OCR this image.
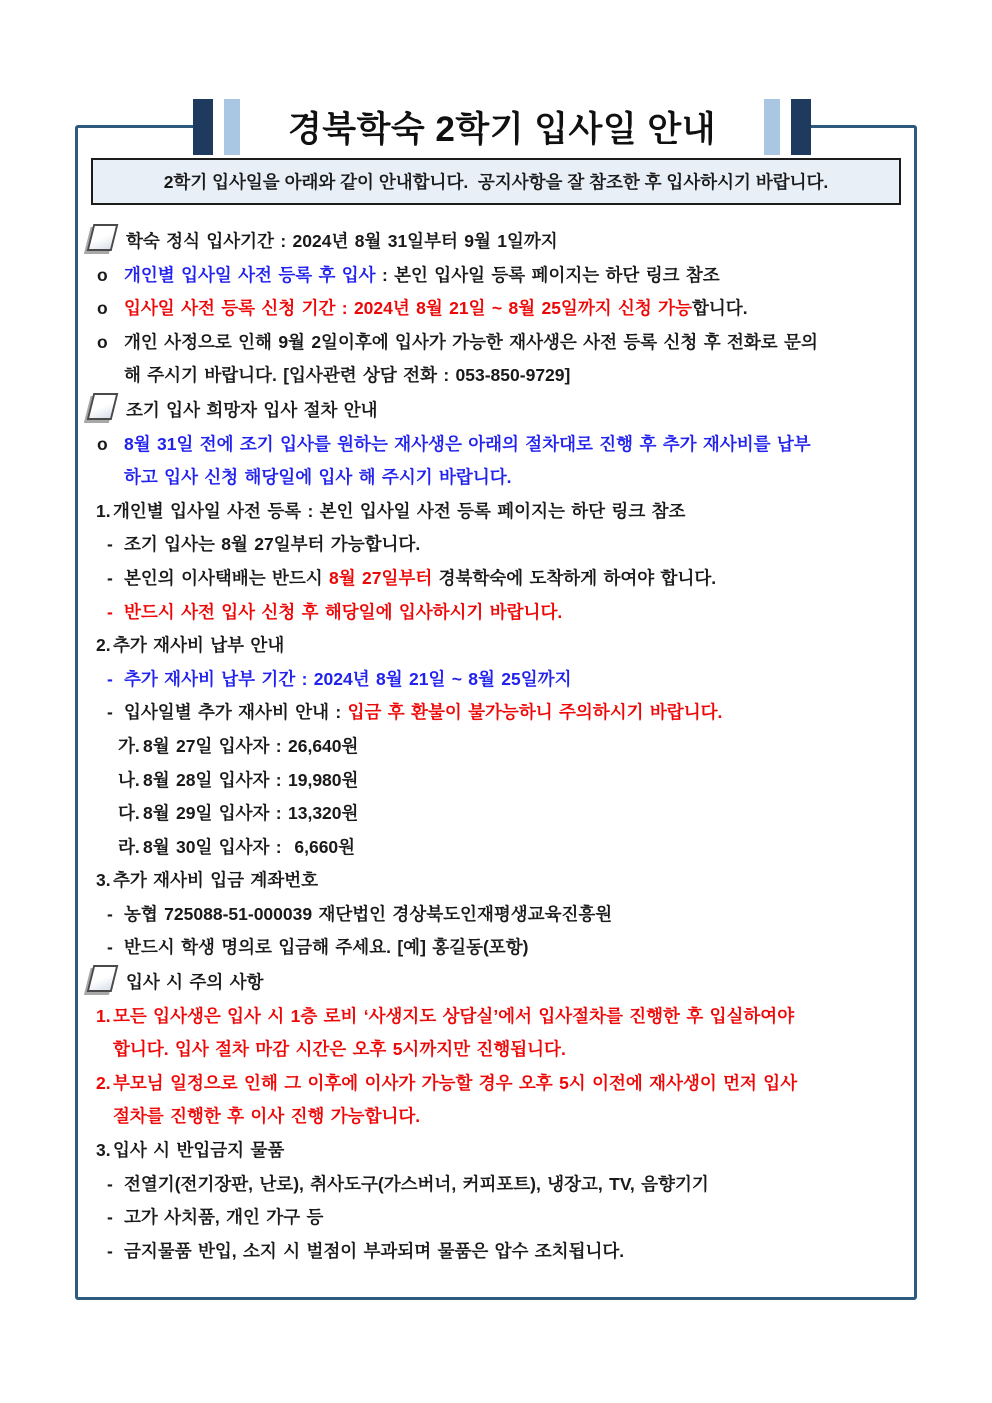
2학기 입사일을 아래와 같이 안내합니다.  공지사항을 잘 참조한 후 입사하시기 바랍니다.
학숙 정식 입사기간 : 2024년 8월 31일부터 9월 1일까지
o 개인별 입사일 사전 등록 후 입사 : 본인 입사일 등록 페이지는 하단 링크 참조
o 입사일 사전 등록 신청 기간 : 2024년 8월 21일 ~ 8월 25일까지 신청 가능합니다.
o 개인 사정으로 인해 9월 2일이후에 입사가 가능한 재사생은 사전 등록 신청 후 전화로 문의
해 주시기 바랍니다. [입사관련 상담 전화 : 053-850-9729]
조기 입사 희망자 입사 절차 안내
o 8월 31일 전에 조기 입사를 원하는 재사생은 아래의 절차대로 진행 후 추가 재사비를 납부
하고 입사 신청 해당일에 입사 해 주시기 바랍니다.
1. 개인별 입사일 사전 등록 : 본인 입사일 사전 등록 페이지는 하단 링크 참조
- 조기 입사는 8월 27일부터 가능합니다.
- 본인의 이사택배는 반드시 8월 27일부터 경북학숙에 도착하게 하여야 합니다.
- 반드시 사전 입사 신청 후 해당일에 입사하시기 바랍니다.
2. 추가 재사비 납부 안내
- 추가 재사비 납부 기간 : 2024년 8월 21일 ~ 8월 25일까지
- 입사일별 추가 재사비 안내 : 입금 후 환불이 불가능하니 주의하시기 바랍니다.
가. 8월 27일 입사자 : 26,640원
나. 8월 28일 입사자 : 19,980원
다. 8월 29일 입사자 : 13,320원
라. 8월 30일 입사자 :  6,660원
3. 추가 재사비 입금 계좌번호
- 농협 725088-51-000039 재단법인 경상북도인재평생교육진흥원
- 반드시 학생 명의로 입금해 주세요. [예] 홍길동(포항)
입사 시 주의 사항
1. 모든 입사생은 입사 시 1층 로비 ‘사생지도 상담실’에서 입사절차를 진행한 후 입실하여야
합니다. 입사 절차 마감 시간은 오후 5시까지만 진행됩니다.
2. 부모님 일정으로 인해 그 이후에 이사가 가능할 경우 오후 5시 이전에 재사생이 먼저 입사
절차를 진행한 후 이사 진행 가능합니다.
3. 입사 시 반입금지 물품
- 전열기(전기장판, 난로), 취사도구(가스버너, 커피포트), 냉장고, TV, 음향기기
- 고가 사치품, 개인 가구 등
- 금지물품 반입, 소지 시 벌점이 부과되며 물품은 압수 조치됩니다.
경북학숙 2학기 입사일 안내
